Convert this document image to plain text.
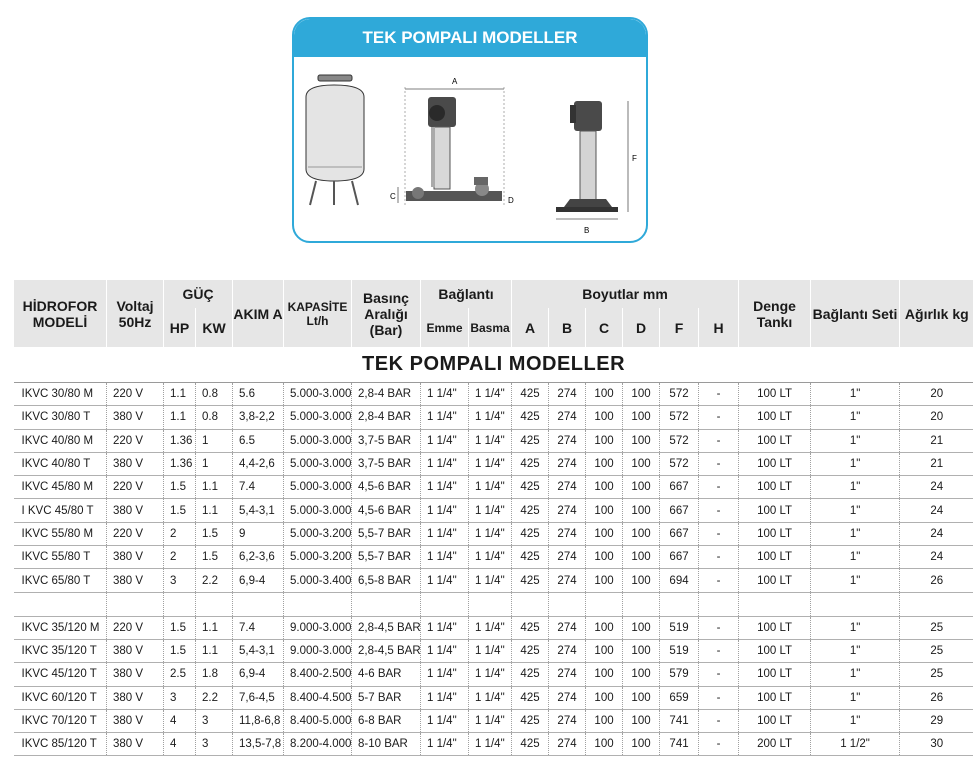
TEK POMPALI MODELLER
A
C	D
B
F
HİDROFOR MODELİ	Voltaj 50Hz	GÜÇ		AKIM A	KAPASİTE Lt/h	Basınç Aralığı (Bar)	Bağlantı		Boyutlar mm						Denge Tankı	Bağlantı Seti	Ağırlık kg
		HP	KW				Emme	Basma	A	B	C	D	F	H			
TEK POMPALI MODELLER																	
IKVC 30/80 M	220 V	1.1	0.8	5.6	5.000-3.000	2,8-4 BAR	1 1/4"	1 1/4"	425	274	100	100	572	-	100 LT	1"	20
IKVC 30/80 T	380 V	1.1	0.8	3,8-2,2	5.000-3.000	2,8-4 BAR	1 1/4"	1 1/4"	425	274	100	100	572	-	100 LT	1"	20
IKVC 40/80 M	220 V	1.36	1	6.5	5.000-3.000	3,7-5 BAR	1 1/4"	1 1/4"	425	274	100	100	572	-	100 LT	1"	21
IKVC 40/80 T	380 V	1.36	1	4,4-2,6	5.000-3.000	3,7-5 BAR	1 1/4"	1 1/4"	425	274	100	100	572	-	100 LT	1"	21
IKVC 45/80 M	220 V	1.5	1.1	7.4	5.000-3.000	4,5-6 BAR	1 1/4"	1 1/4"	425	274	100	100	667	-	100 LT	1"	24
I KVC 45/80 T	380 V	1.5	1.1	5,4-3,1	5.000-3.000	4,5-6 BAR	1 1/4"	1 1/4"	425	274	100	100	667	-	100 LT	1"	24
IKVC 55/80 M	220 V	2	1.5	9	5.000-3.200	5,5-7 BAR	1 1/4"	1 1/4"	425	274	100	100	667	-	100 LT	1"	24
IKVC 55/80 T	380 V	2	1.5	6,2-3,6	5.000-3.200	5,5-7 BAR	1 1/4"	1 1/4"	425	274	100	100	667	-	100 LT	1"	24
IKVC 65/80 T	380 V	3	2.2	6,9-4	5.000-3.400	6,5-8 BAR	1 1/4"	1 1/4"	425	274	100	100	694	-	100 LT	1"	26

IKVC 35/120 M	220 V	1.5	1.1	7.4	9.000-3.000	2,8-4,5 BAR	1 1/4"	1 1/4"	425	274	100	100	519	-	100 LT	1"	25
IKVC 35/120 T	380 V	1.5	1.1	5,4-3,1	9.000-3.000	2,8-4,5 BAR	1 1/4"	1 1/4"	425	274	100	100	519	-	100 LT	1"	25
IKVC 45/120 T	380 V	2.5	1.8	6,9-4	8.400-2.500	4-6 BAR	1 1/4"	1 1/4"	425	274	100	100	579	-	100 LT	1"	25
IKVC 60/120 T	380 V	3	2.2	7,6-4,5	8.400-4.500	5-7 BAR	1 1/4"	1 1/4"	425	274	100	100	659	-	100 LT	1"	26
IKVC 70/120 T	380 V	4	3	11,8-6,8	8.400-5.000	6-8 BAR	1 1/4"	1 1/4"	425	274	100	100	741	-	100 LT	1"	29
IKVC 85/120 T	380 V	4	3	13,5-7,8	8.200-4.000	8-10 BAR	1 1/4"	1 1/4"	425	274	100	100	741	-	200 LT	1 1/2"	30
